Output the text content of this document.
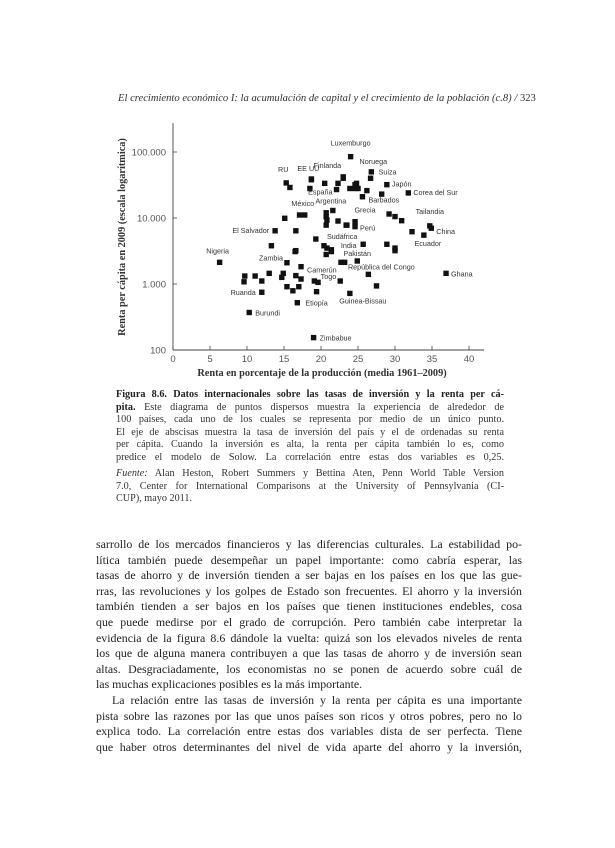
El crecimiento económico I: la acumulación de capital y el crecimiento de la población (c.8) / 323
0	5	10	15	20	25	30	35	40
100
1.000
10.000
100.000
Luxemburgo
Finlanda	Noruega
Suiza
Japón
Corea del Sur
EE UU
RU
España
Barbados
Grecia
México Argentina
Tailandia
China
Ecuador
El Salvador	Perú
Sudáfrica
India
Pakistán
Nigeria
Zambia
Camerún República del Congo
Ghana
Togo
Ruanda
Burundi
Etiopía Guinea-Bissau
Zimbabue
Renta en porcentaje de la producción (media 1961–2009)
Renta per cápita en 2009 (escala logarítmica)
Figura 8.6. Datos internacionales sobre las tasas de inversión y la renta per cá-
pita. Este diagrama de puntos dispersos muestra la experiencia de alrededor de
100 países, cada uno de los cuales se representa por medio de un único punto.
El eje de abscisas muestra la tasa de inversión del país y el de ordenadas su renta
per cápita. Cuando la inversión es alta, la renta per cápita también lo es, como
predice el modelo de Solow. La correlación entre estas dos variables es 0,25.
Fuente: Alan Heston, Robert Summers y Bettina Aten, Penn World Table Version
7.0, Center for International Comparisons at the University of Pennsylvania (CI-
CUP), mayo 2011.
sarrollo de los mercados financieros y las diferencias culturales. La estabilidad po-
lítica también puede desempeñar un papel importante: como cabría esperar, las
tasas de ahorro y de inversión tienden a ser bajas en los países en los que las gue-
rras, las revoluciones y los golpes de Estado son frecuentes. El ahorro y la inversión
también tienden a ser bajos en los países que tienen instituciones endebles, cosa
que puede medirse por el grado de corrupción. Pero también cabe interpretar la
evidencia de la figura 8.6 dándole la vuelta: quizá son los elevados niveles de renta
los que de alguna manera contribuyen a que las tasas de ahorro y de inversión sean
altas. Desgraciadamente, los economistas no se ponen de acuerdo sobre cuál de
las muchas explicaciones posibles es la más importante.
La relación entre las tasas de inversión y la renta per cápita es una importante
pista sobre las razones por las que unos países son ricos y otros pobres, pero no lo
explica todo. La correlación entre estas dos variables dista de ser perfecta. Tiene
que haber otros determinantes del nivel de vida aparte del ahorro y la inversión,
